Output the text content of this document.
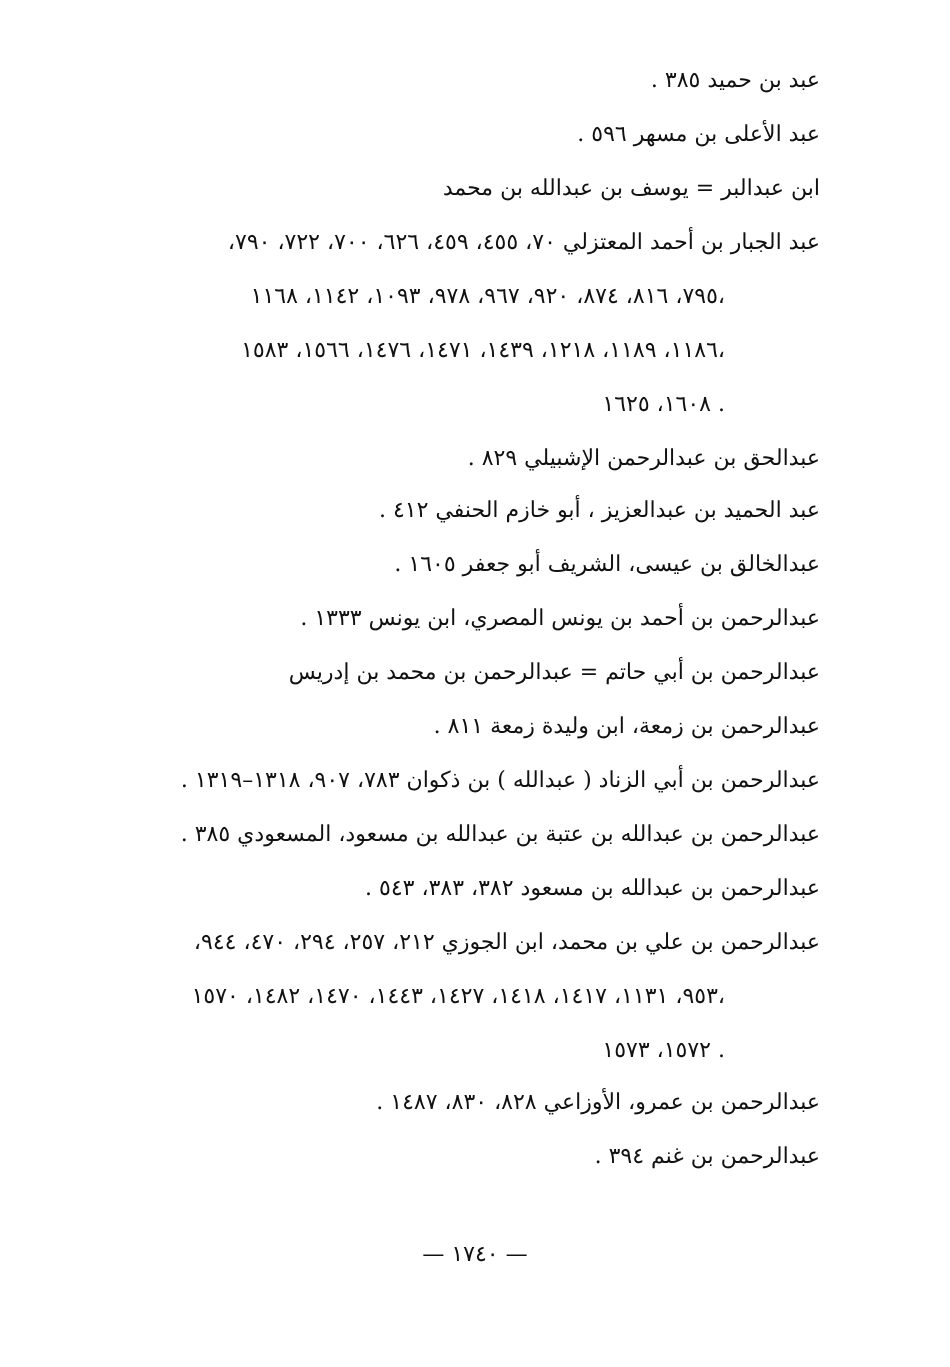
عبد بن حميد ٣٨٥ .
عبد الأعلى بن مسهر ٥٩٦ .
ابن عبدالبر = يوسف بن عبدالله بن محمد
عبد الجبار بن أحمد المعتزلي ٧٠، ٤٥٥، ٤٥٩، ٦٢٦، ٧٠٠، ٧٢٢، ٧٩٠،
٧٩٥، ٨١٦، ٨٧٤، ٩٢٠، ٩٦٧، ٩٧٨، ١٠٩٣، ١١٤٢، ١١٦٨،
١١٨٦، ١١٨٩، ١٢١٨، ١٤٣٩، ١٤٧١، ١٤٧٦، ١٥٦٦، ١٥٨٣،
١٦٠٨، ١٦٢٥ .
عبدالحق بن عبدالرحمن الإشبيلي ٨٢٩ .
عبد الحميد بن عبدالعزيز ، أبو خازم الحنفي ٤١٢ .
عبدالخالق بن عيسى، الشريف أبو جعفر ١٦٠٥ .
عبدالرحمن بن أحمد بن يونس المصري، ابن يونس ١٣٣٣ .
عبدالرحمن بن أبي حاتم = عبدالرحمن بن محمد بن إدريس
عبدالرحمن بن زمعة، ابن وليدة زمعة ٨١١ .
عبدالرحمن بن أبي الزناد ( عبدالله ) بن ذكوان ٧٨٣، ٩٠٧، ١٣١٨–١٣١٩ .
عبدالرحمن بن عبدالله بن عتبة بن عبدالله بن مسعود، المسعودي ٣٨٥ .
عبدالرحمن بن عبدالله بن مسعود ٣٨٢، ٣٨٣، ٥٤٣ .
عبدالرحمن بن علي بن محمد، ابن الجوزي ٢١٢، ٢٥٧، ٢٩٤، ٤٧٠، ٩٤٤،
٩٥٣، ١١٣١، ١٤١٧، ١٤١٨، ١٤٢٧، ١٤٤٣، ١٤٧٠، ١٤٨٢، ١٥٧٠،
١٥٧٢، ١٥٧٣ .
عبدالرحمن بن عمرو، الأوزاعي ٨٢٨، ٨٣٠، ١٤٨٧ .
عبدالرحمن بن غنم ٣٩٤ .
— ١٧٤٠ —
